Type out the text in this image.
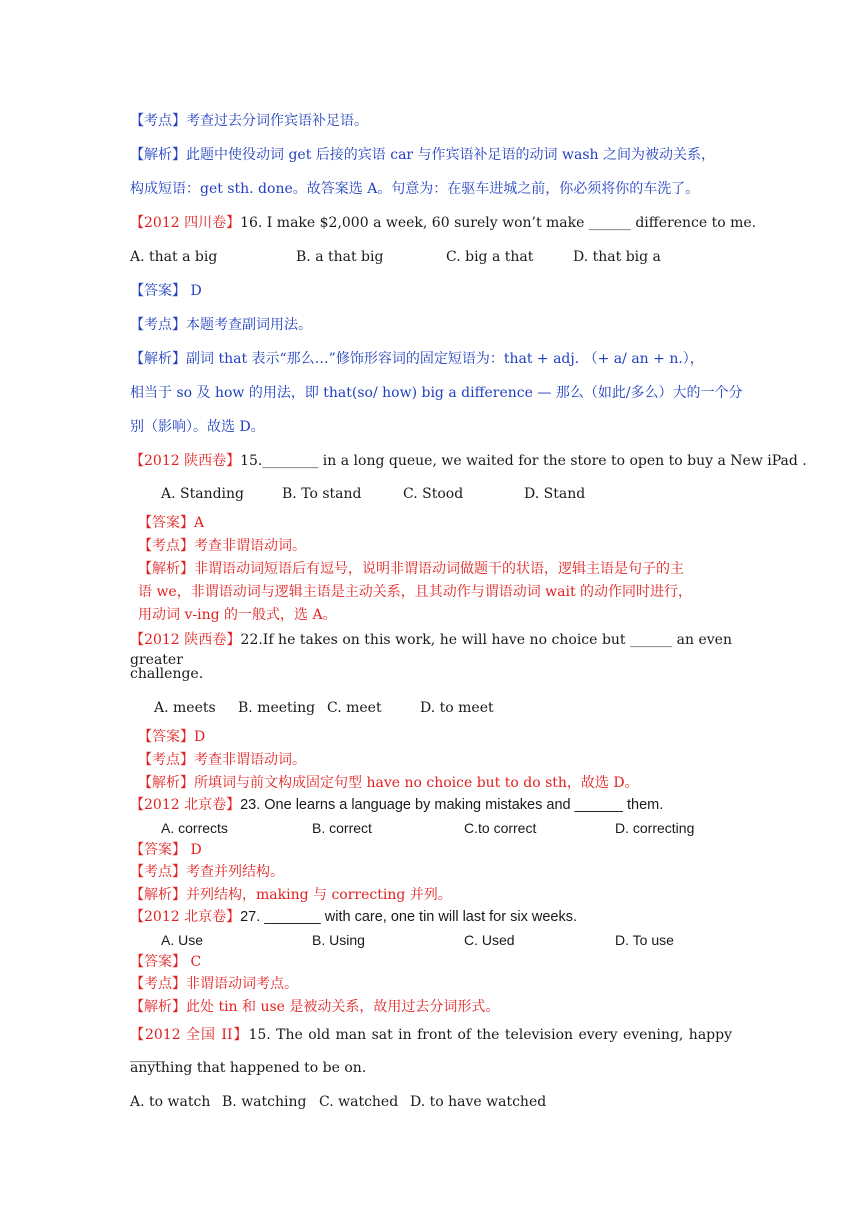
【考点】考查过去分词作宾语补足语。
【解析】此题中使役动词 get 后接的宾语 car 与作宾语补足语的动词 wash 之间为被动关系，
构成短语：get sth. done。故答案选 A。句意为：在驱车进城之前，你必须将你的车洗了。
【2012 四川卷】16. I make $2,000 a week, 60 surely won’t make ______ difference to me.
A. that a big	B. a that big	C. big a that	D. that big a
【答案】 D
【考点】本题考查副词用法。
【解析】副词 that 表示“那么…”修饰形容词的固定短语为：that + adj. （+ a/ an + n.），
相当于 so 及 how 的用法，即 that(so/ how) big a difference — 那么（如此/多么）大的一个分
别（影响）。故选 D。
【2012 陕西卷】15.________ in a long queue, we waited for the store to open to buy a New iPad .
A. Standing	B. To stand	C. Stood	D. Stand
【答案】A
【考点】考查非谓语动词。
【解析】非谓语动词短语后有逗号，说明非谓语动词做题干的状语，逻辑主语是句子的主
语 we，非谓语动词与逻辑主语是主动关系，且其动作与谓语动词 wait 的动作同时进行，
用动词 v-ing 的一般式，选 A。
【2012 陕西卷】22.If he takes on this work, he will have no choice but ______ an even greater
challenge.
A. meets B. meeting C. meet	D. to meet
【答案】D
【考点】考查非谓语动词。
【解析】所填词与前文构成固定句型 have no choice but to do sth，故选 D。
【2012 北京卷】23. One learns a language by making mistakes and ______ them.
A. corrects	B. correct	C.to correct	D. correcting
【答案】 D
【考点】考查并列结构。
【解析】并列结构，making 与 correcting 并列。
【2012 北京卷】27. _______ with care, one tin will last for six weeks.
A. Use	B. Using	C. Used	D. To use
【答案】 C
【考点】非谓语动词考点。
【解析】此处 tin 和 use 是被动关系，故用过去分词形式。
【2012 全国 II】15. The old man sat in front of the television every evening, happy _____
anything that happened to be on.
A. to watch B. watching C. watched D. to have watched
